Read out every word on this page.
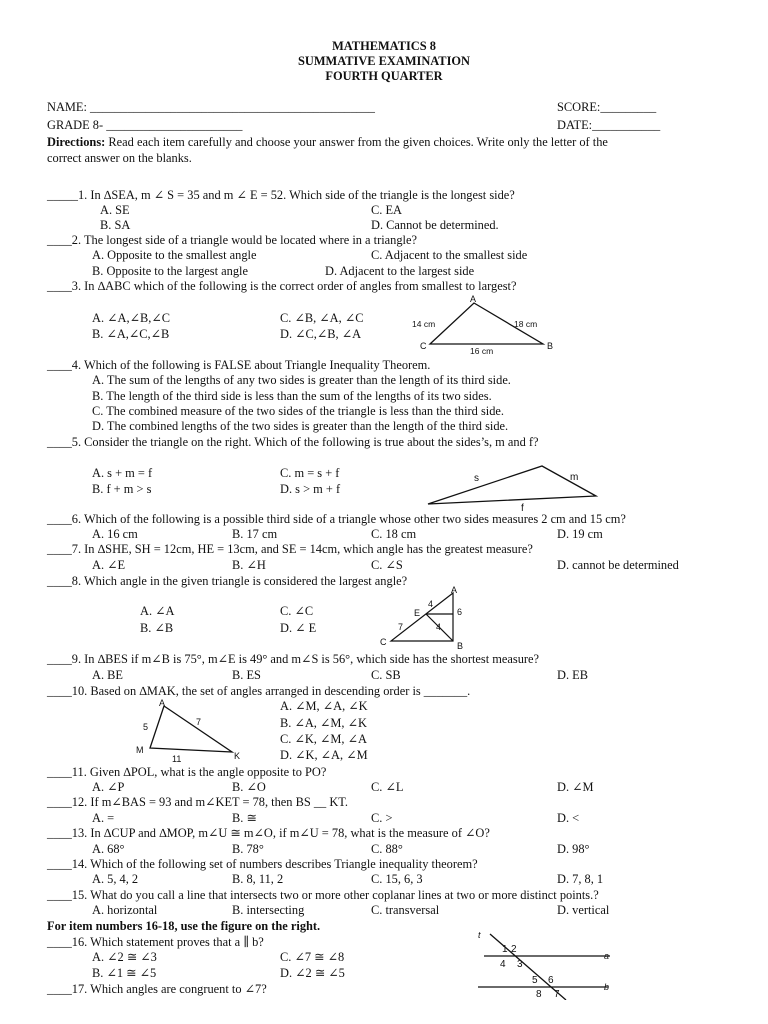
MATHEMATICS 8
SUMMATIVE EXAMINATION
FOURTH QUARTER
NAME: ______________________________________________	SCORE:_________
GRADE 8- ______________________	DATE:___________
Directions: Read each item carefully and choose your answer from the given choices. Write only the letter of the
correct answer on the blanks.
_____1. In ∆SEA, m ∠ S = 35 and m ∠ E = 52. Which side of the triangle is the longest side?
A. SE	C. EA
B. SA	D. Cannot be determined.
____2. The longest side of a triangle would be located where in a triangle?
A. Opposite to the smallest angle	C. Adjacent to the smallest side
B. Opposite to the largest angle	D. Adjacent to the largest side
____3. In ∆ABC which of the following is the correct order of angles from smallest to largest?
A. ∠A,∠B,∠C	C. ∠B, ∠A, ∠C
B. ∠A,∠C,∠B	D. ∠C,∠B, ∠A
A
B
C
14 cm	18 cm
16 cm
____4. Which of the following is FALSE about Triangle Inequality Theorem.
A. The sum of the lengths of any two sides is greater than the length of its third side.
B. The length of the third side is less than the sum of the lengths of its two sides.
C. The combined measure of the two sides of the triangle is less than the third side.
D. The combined lengths of the two sides is greater than the length of the third side.
____5. Consider the triangle on the right. Which of the following is true about the sides’s, m and f?
A. s + m = f	C. m = s + f
B. f + m > s	D. s > m + f
s	m
f
____6. Which of the following is a possible third side of a triangle whose other two sides measures 2 cm and 15 cm?
A. 16 cm	B. 17 cm	C. 18 cm	D. 19 cm
____7. In ∆SHE, SH = 12cm, HE = 13cm, and SE = 14cm, which angle has the greatest measure?
A. ∠E	B. ∠H	C. ∠S	D. cannot be determined
____8. Which angle in the given triangle is considered the largest angle?
A. ∠A	C. ∠C
B. ∠B	D. ∠ E
A
B
C
E
4
6
7	4
____9. In ∆BES if m∠B is 75°, m∠E is 49° and m∠S is 56°, which side has the shortest measure?
A. BE	B. ES	C. SB	D. EB
____10. Based on ∆MAK, the set of angles arranged in descending order is _______.
A. ∠M, ∠A, ∠K
B. ∠A, ∠M, ∠K
C. ∠K, ∠M, ∠A
D. ∠K, ∠A, ∠M
A
M
K
5	7
11
____11. Given ∆POL, what is the angle opposite to PO?
A. ∠P	B. ∠O	C. ∠L	D. ∠M
____12. If m∠BAS = 93 and m∠KET = 78, then BS __ KT.
A. =	B. ≅	C. >	D. <
____13. In ∆CUP and ∆MOP, m∠U ≅ m∠O, if m∠U = 78, what is the measure of ∠O?
A. 68°	B. 78°	C. 88°	D. 98°
____14. Which of the following set of numbers describes Triangle inequality theorem?
A. 5, 4, 2	B. 8, 11, 2	C. 15, 6, 3	D. 7, 8, 1
____15. What do you call a line that intersects two or more other coplanar lines at two or more distinct points.?
A. horizontal	B. intersecting	C. transversal	D. vertical
For item numbers 16-18, use the figure on the right.
____16. Which statement proves that a ∥ b?
A. ∠2 ≅ ∠3	C. ∠7 ≅ ∠8
B. ∠1 ≅ ∠5	D. ∠2 ≅ ∠5
t
a
b
1 2
4 3
5 6
8 7
____17. Which angles are congruent to ∠7?
